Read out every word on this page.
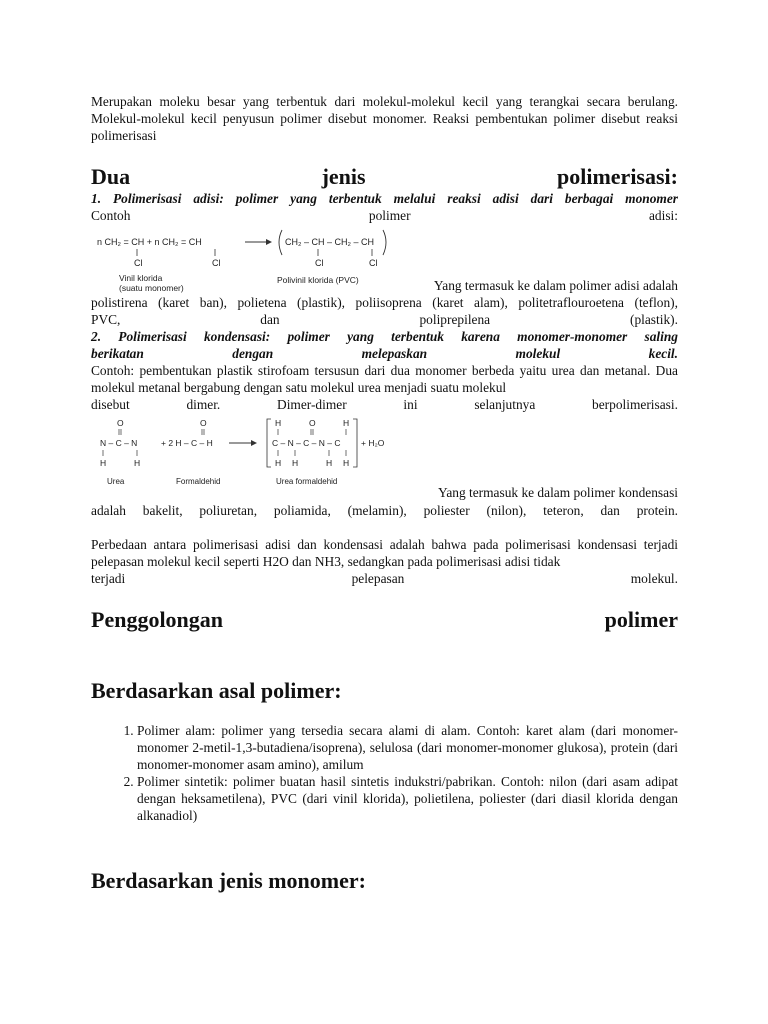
Merupakan moleku besar yang terbentuk dari molekul-molekul kecil yang terangkai secara berulang. Molekul-molekul kecil penyusun polimer disebut monomer. Reaksi pembentukan polimer disebut reaksi polimerisasi

Dua	jenis	polimerisasi:

1. Polimerisasi adisi: polimer yang terbentuk melalui reaksi adisi dari berbagai monomer

Contoh	polimer	adisi:

n CH₂ = CH + n CH₂ = CH
Cl	Cl
CH₂ – CH – CH₂ – CH
Cl	Cl
Vinil klorida
(suatu monomer)
Polivinil klorida (PVC)	Yang termasuk ke dalam polimer adisi adalah

polistirena (karet ban), polietena (plastik), poliisoprena (karet alam), politetraflouroetena (teflon),

PVC,	dan	poliprepilena	(plastik).

2. Polimerisasi kondensasi: polimer yang terbentuk karena monomer-monomer saling

berikatan	dengan	melepaskan	molekul	kecil.

Contoh: pembentukan plastik stirofoam tersusun dari dua monomer berbeda yaitu urea dan metanal. Dua molekul metanal bergabung dengan satu molekul urea menjadi suatu molekul

disebut	dimer.	Dimer-dimer	ini	selanjutnya	berpolimerisasi.

O
N – C – N
H	H
O
+ 2 H – C – H
H	O	H
C – N – C – N – C
H H	H H
+ H₂O
Urea	Formaldehid	Urea formaldehid

Yang termasuk ke dalam polimer kondensasi

adalah bakelit, poliuretan, poliamida, (melamin), poliester (nilon), teteron, dan protein.

Perbedaan antara polimerisasi adisi dan kondensasi adalah bahwa pada polimerisasi kondensasi terjadi pelepasan molekul kecil seperti H2O dan NH3, sedangkan pada polimerisasi adisi tidak

terjadi	pelepasan	molekul.

Penggolongan	polimer
Berdasarkan asal polimer:
1. Polimer alam: polimer yang tersedia secara alami di alam. Contoh: karet alam (dari monomer-monomer 2-metil-1,3-butadiena/isoprena), selulosa (dari monomer-monomer glukosa), protein (dari monomer-monomer asam amino), amilum
2. Polimer sintetik: polimer buatan hasil sintetis indukstri/pabrikan. Contoh: nilon (dari asam adipat dengan heksametilena), PVC (dari vinil klorida), polietilena, poliester (dari diasil klorida dengan alkanadiol)
Berdasarkan jenis monomer:
